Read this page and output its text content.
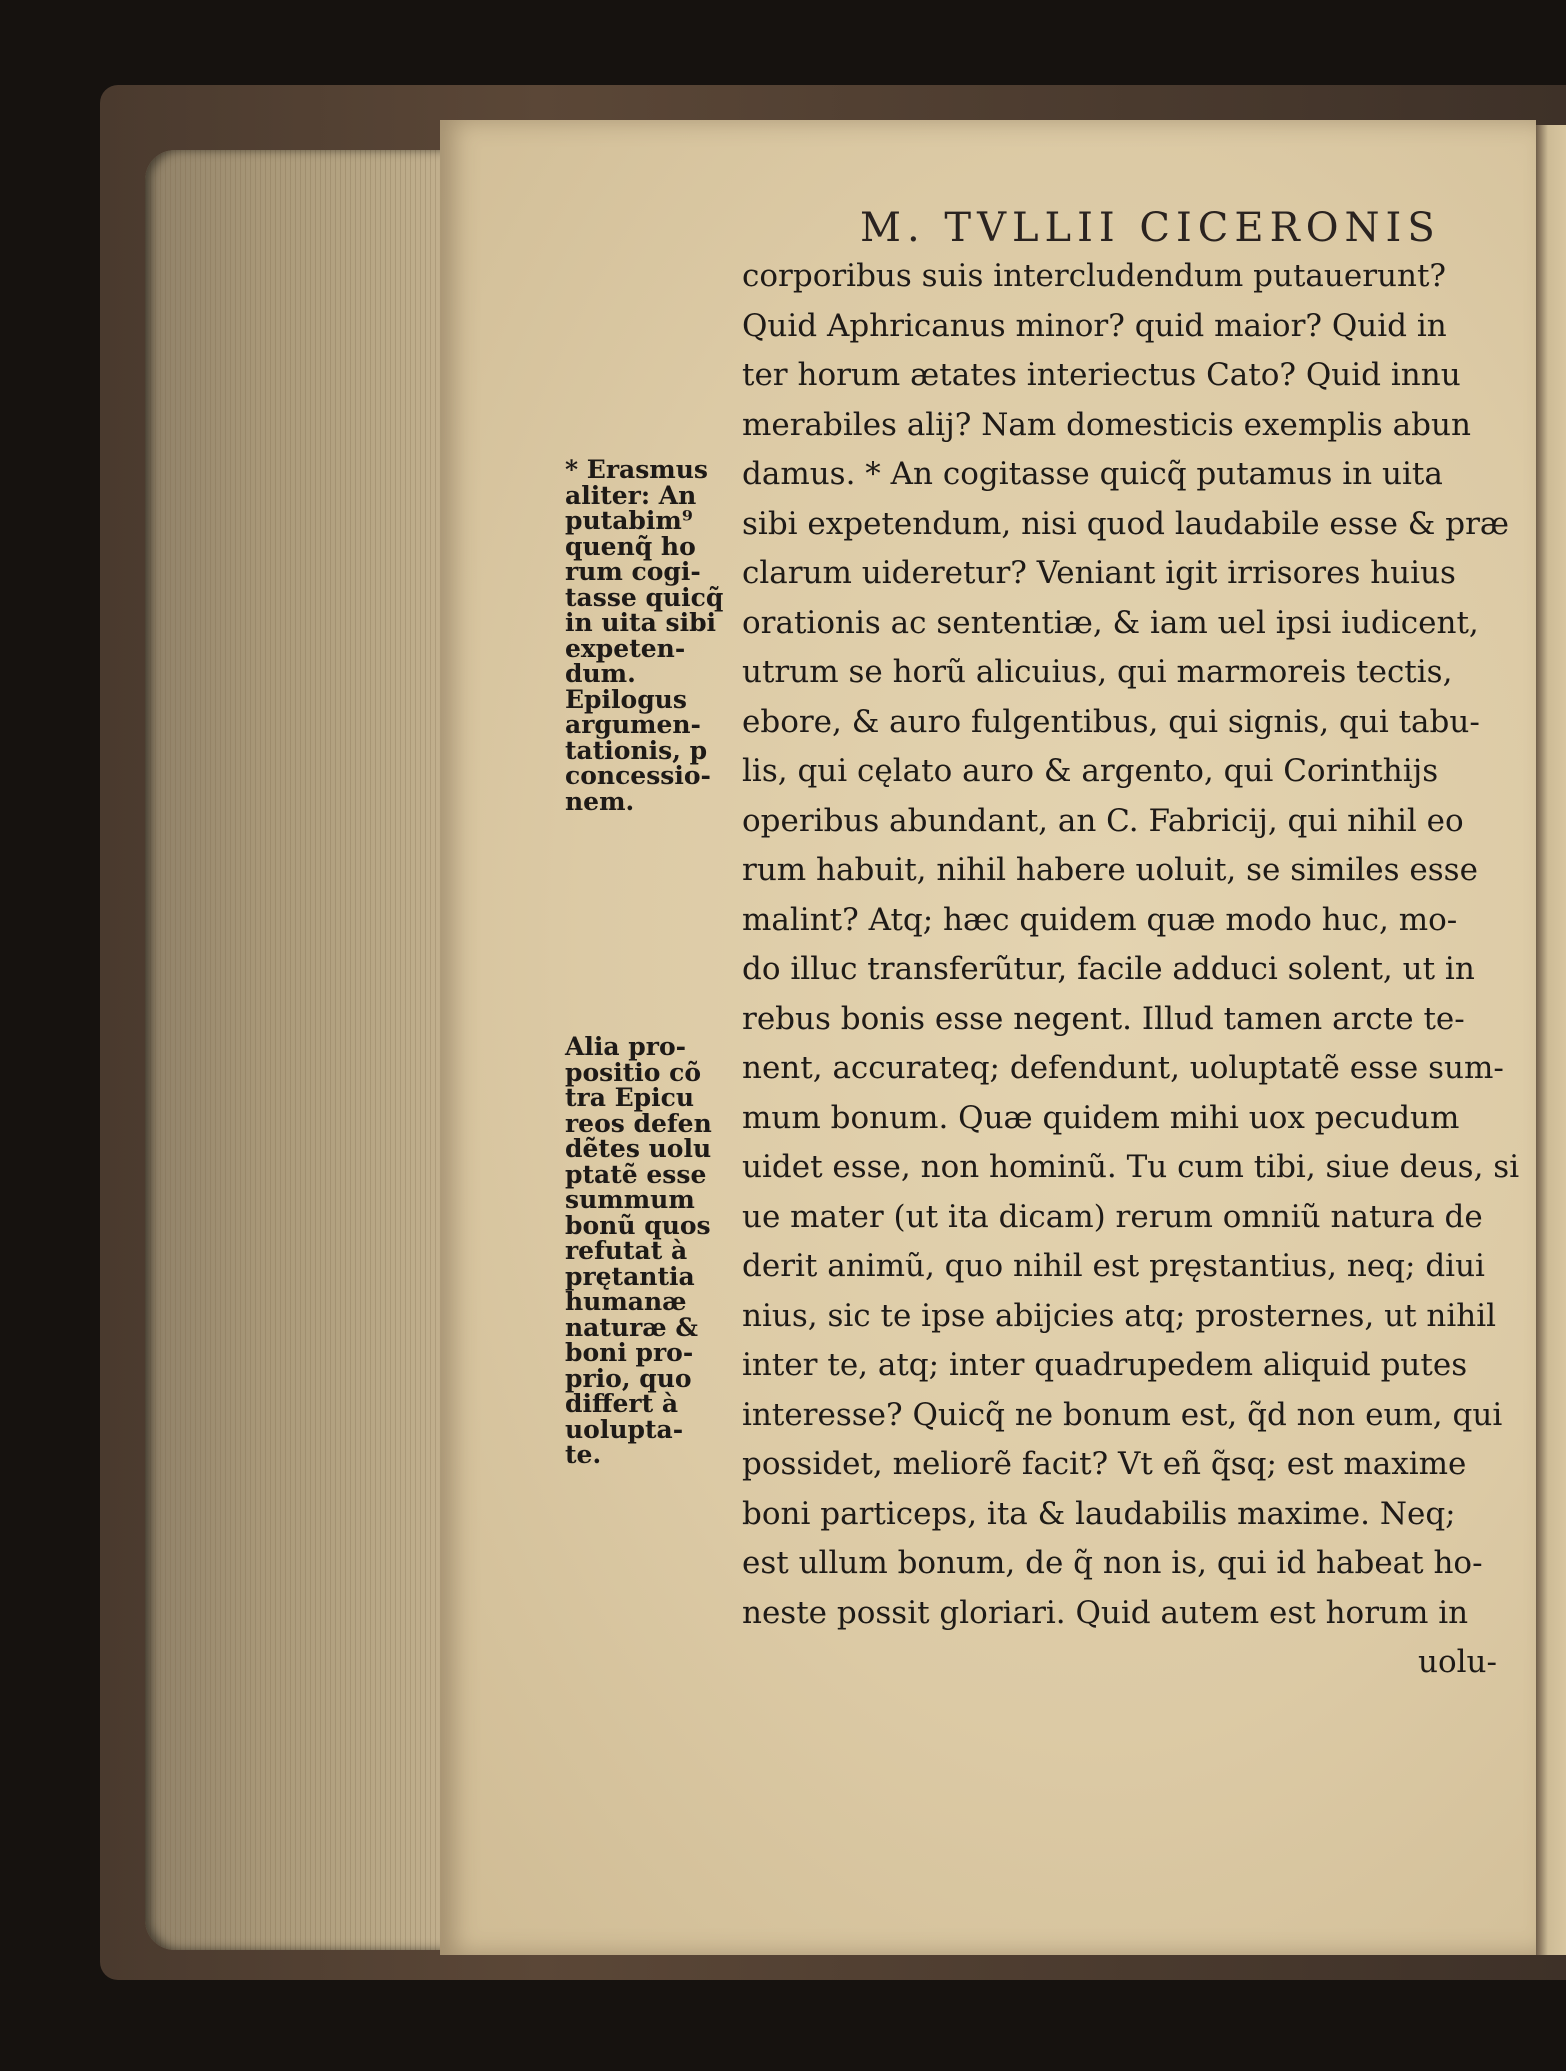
M. TVLLII CICERONIS
corporibus suis intercludendum putauerunt?
Quid Aphricanus minor? quid maior? Quid in
ter horum ætates interiectus Cato? Quid innu
merabiles alij? Nam domesticis exemplis abun
damus. * An cogitasse quicq̃ putamus in uita
sibi expetendum, nisi quod laudabile esse & præ
clarum uideretur? Veniant igit irrisores huius
orationis ac sententiæ, & iam uel ipsi iudicent,
utrum se horũ alicuius, qui marmoreis tectis,
ebore, & auro fulgentibus, qui signis, qui tabu-
lis, qui cęlato auro & argento, qui Corinthijs
operibus abundant, an C. Fabricij, qui nihil eo
rum habuit, nihil habere uoluit, se similes esse
malint? Atq; hæc quidem quæ modo huc, mo-
do illuc transferũtur, facile adduci solent, ut in
rebus bonis esse negent. Illud tamen arcte te-
nent, accurateq; defendunt, uoluptatẽ esse sum-
mum bonum. Quæ quidem mihi uox pecudum
uidet esse, non hominũ. Tu cum tibi, siue deus, si
ue mater (ut ita dicam) rerum omniũ natura de
derit animũ, quo nihil est pręstantius, neq; diui
nius, sic te ipse abijcies atq; prosternes, ut nihil
inter te, atq; inter quadrupedem aliquid putes
interesse? Quicq̃ ne bonum est, q̃d non eum, qui
possidet, meliorẽ facit? Vt eñ q̃sq; est maxime
boni particeps, ita & laudabilis maxime. Neq;
est ullum bonum, de q̃ non is, qui id habeat ho-
neste possit gloriari. Quid autem est horum in
uolu-
* Erasmus
aliter: An
putabim⁹
quenq̃ ho
rum cogi-
tasse quicq̃
in uita sibi
expeten-
dum.
Epilogus
argumen-
tationis, p
concessio-
nem.
Alia pro-
positio cõ
tra Epicu
reos defen
dẽtes uolu
ptatẽ esse
summum
bonũ quos
refutat à
prętantia
humanæ
naturæ &
boni pro-
prio, quo
differt à
uolupta-
te.
